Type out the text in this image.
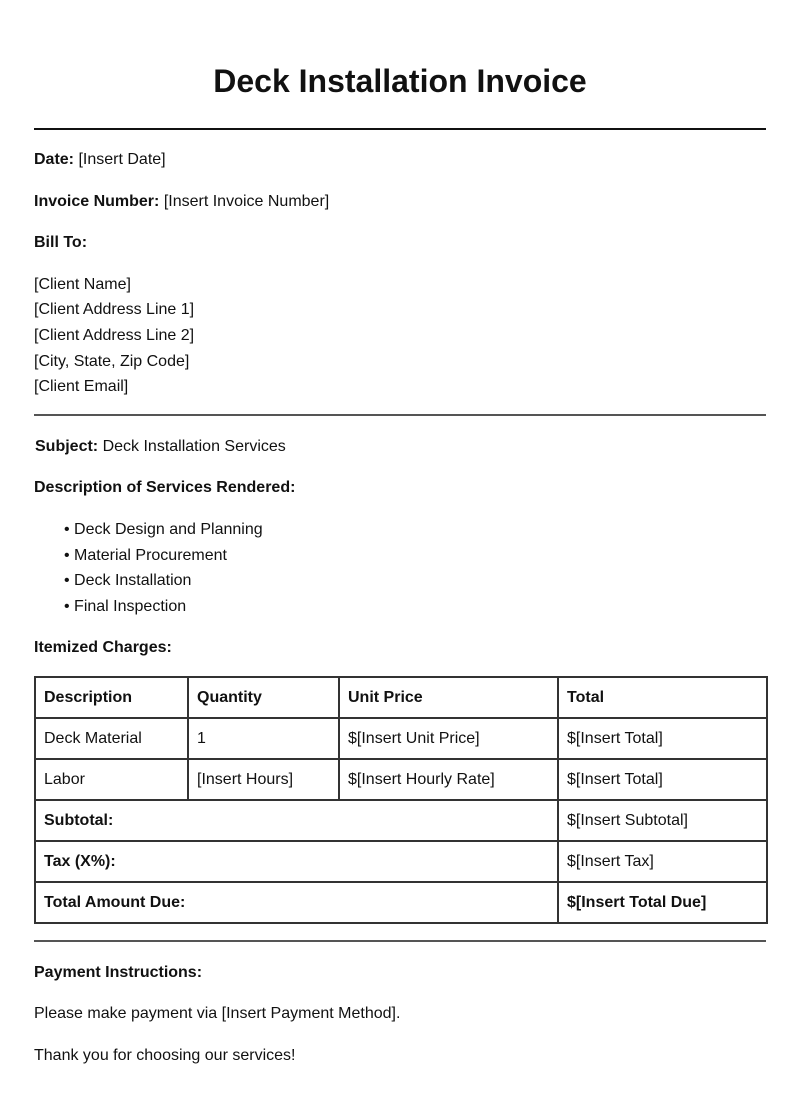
Deck Installation Invoice
Date: [Insert Date]
Invoice Number: [Insert Invoice Number]
Bill To:
[Client Name]
[Client Address Line 1]
[Client Address Line 2]
[City, State, Zip Code]
[Client Email]
Subject: Deck Installation Services
Description of Services Rendered:
• Deck Design and Planning
• Material Procurement
• Deck Installation
• Final Inspection
Itemized Charges:
Description	Quantity	Unit Price	Total
Deck Material	1	$[Insert Unit Price]	$[Insert Total]
Labor	[Insert Hours]	$[Insert Hourly Rate]	$[Insert Total]
Subtotal:			$[Insert Subtotal]
Tax (X%):			$[Insert Tax]
Total Amount Due:			$[Insert Total Due]
Payment Instructions:
Please make payment via [Insert Payment Method].
Thank you for choosing our services!
